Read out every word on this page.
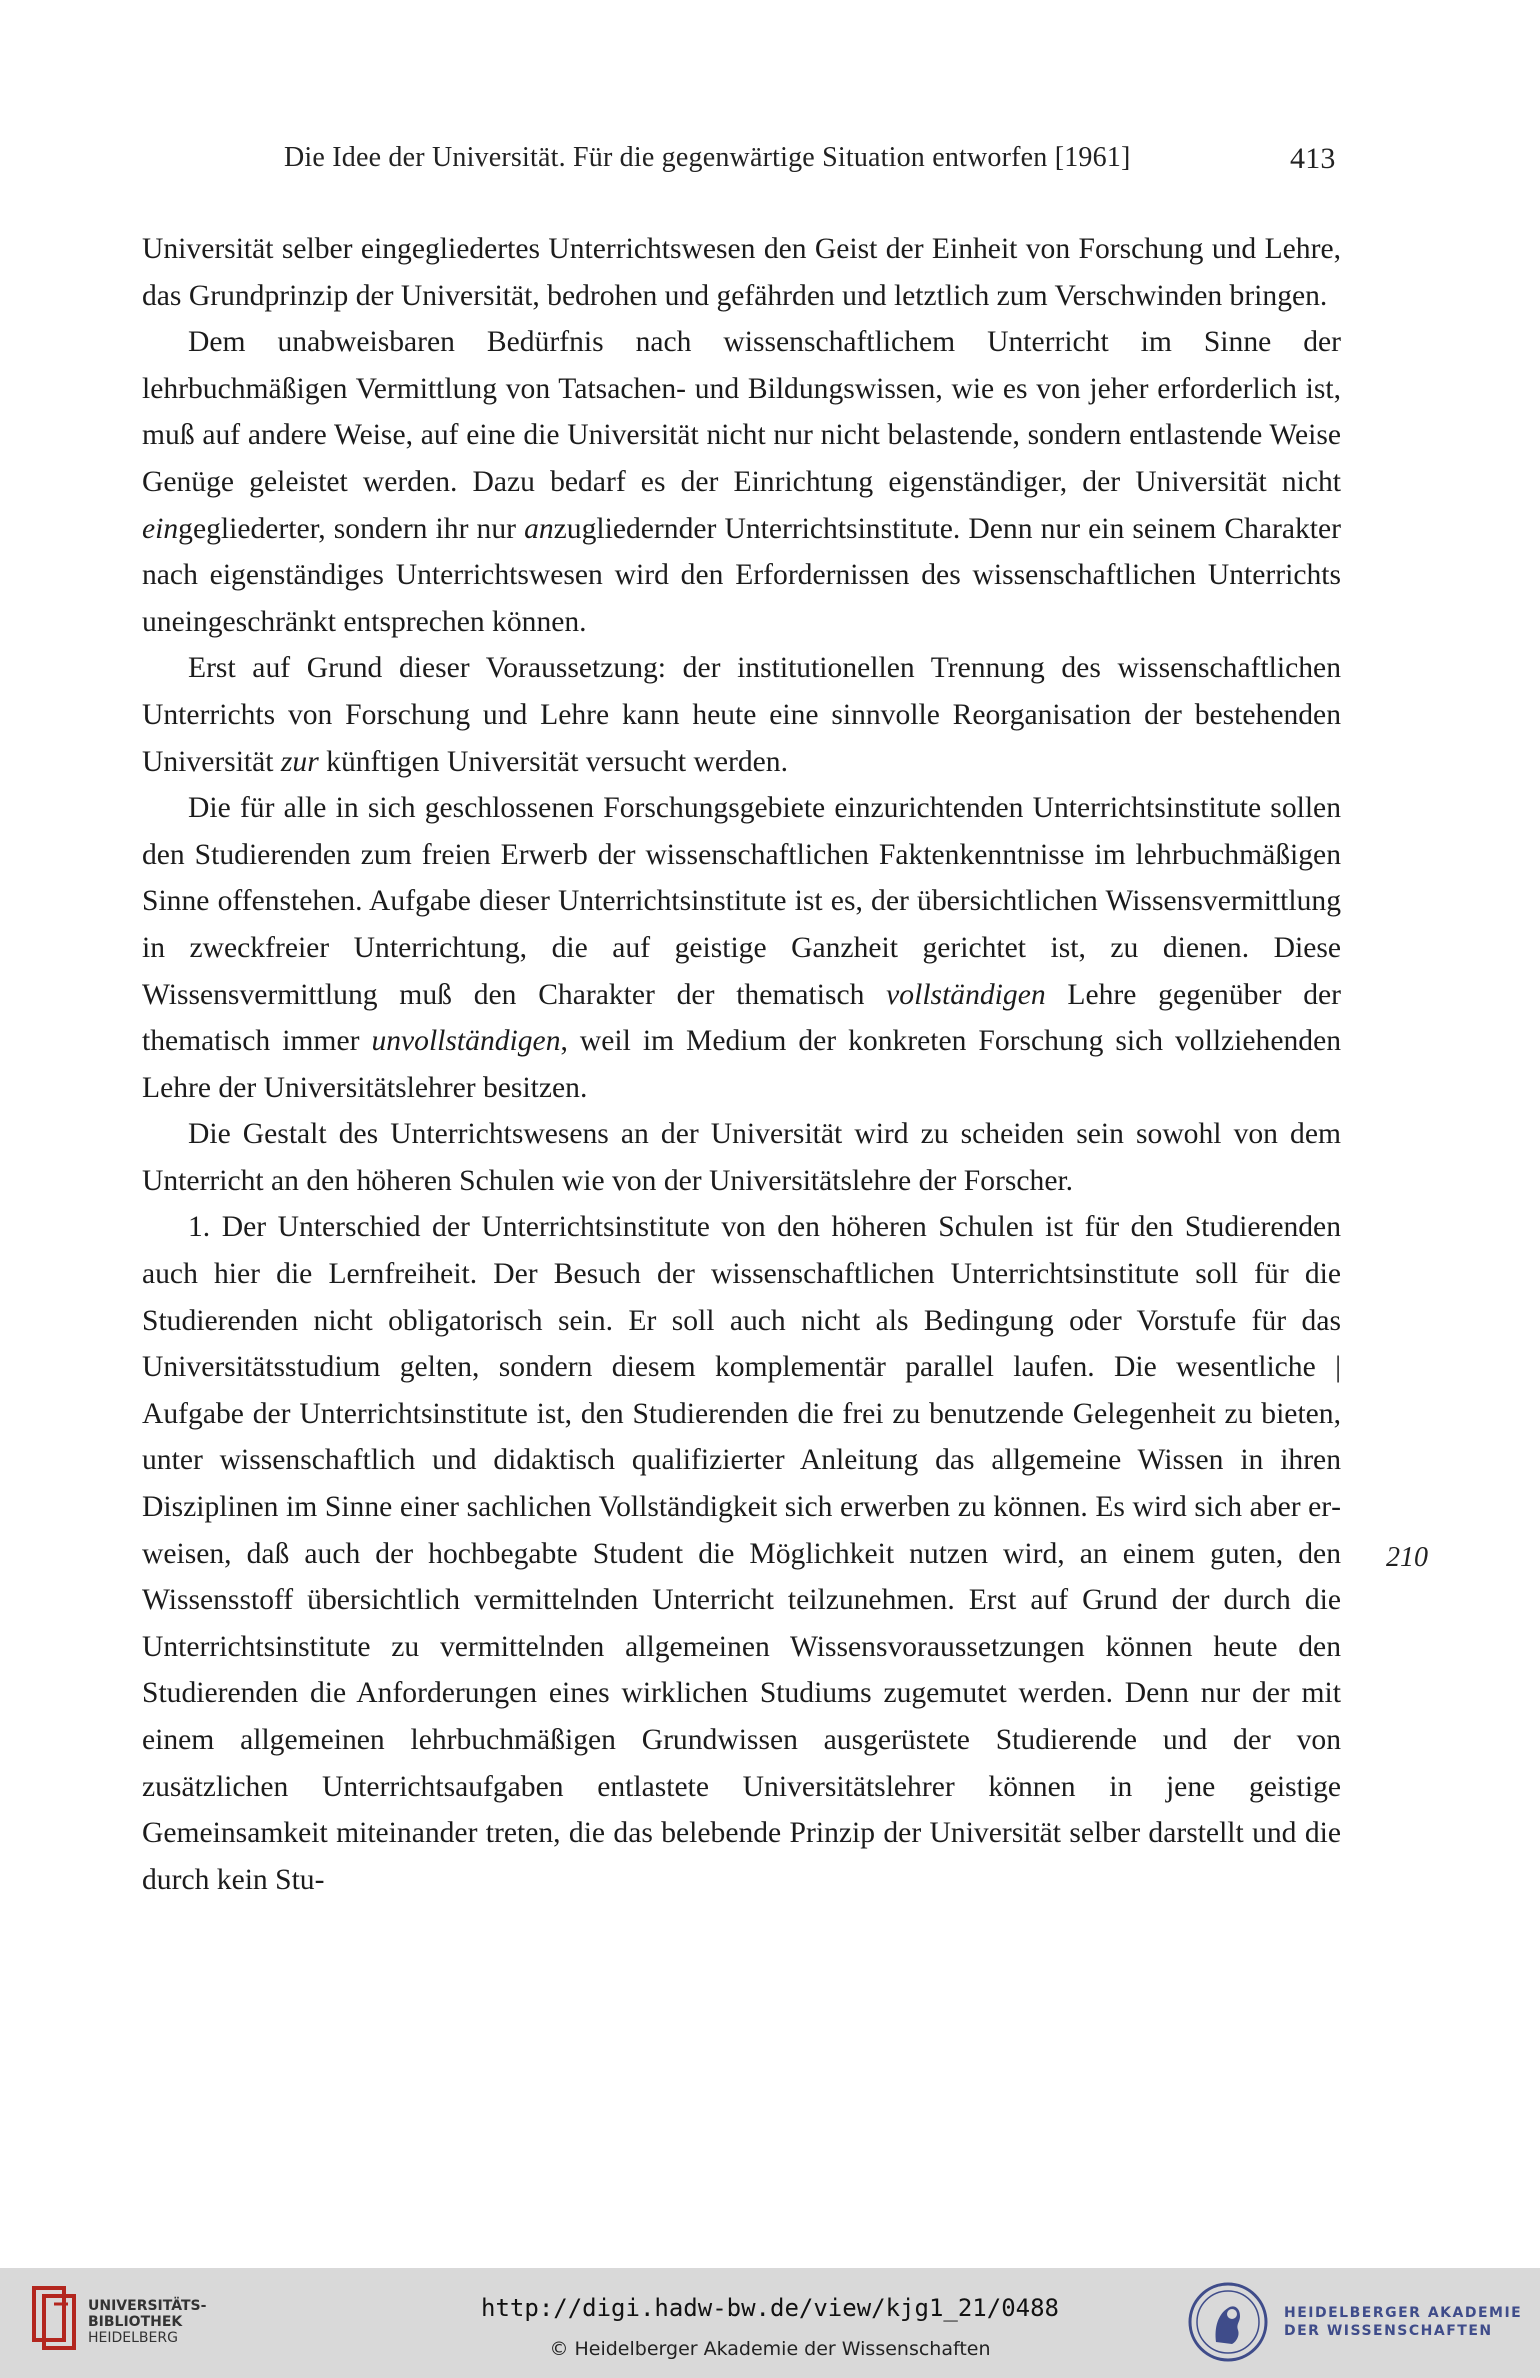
Die Idee der Universität. Für die gegenwärtige Situation entworfen [1961]	413

Universität selber eingegliedertes Unterrichtswesen den Geist der Einheit von Forschung und Lehre, das Grundprinzip der Universität, bedrohen und gefährden und letztlich zum Verschwinden bringen.

Dem unabweisbaren Bedürfnis nach wissenschaftlichem Unterricht im Sinne der lehrbuchmäßigen Vermittlung von Tatsachen- und Bildungswissen, wie es von jeher erforderlich ist, muß auf andere Weise, auf eine die Universität nicht nur nicht belastende, sondern entlastende Weise Genüge geleistet werden. Dazu bedarf es der Einrichtung eigenständiger, der Universität nicht eingegliederter, sondern ihr nur anzugliedernder Unterrichtsinstitute. Denn nur ein seinem Charakter nach eigenständiges Unterrichtswesen wird den Erfordernissen des wissenschaftlichen Unterrichts uneingeschränkt entsprechen können.

Erst auf Grund dieser Voraussetzung: der institutionellen Trennung des wissenschaftlichen Unterrichts von Forschung und Lehre kann heute eine sinnvolle Reorganisation der bestehenden Universität zur künftigen Universität versucht werden.

Die für alle in sich geschlossenen Forschungsgebiete einzurichtenden Unterrichtsinstitute sollen den Studierenden zum freien Erwerb der wissenschaftlichen Faktenkenntnisse im lehrbuchmäßigen Sinne offenstehen. Aufgabe dieser Unterrichtsinstitute ist es, der übersichtlichen Wissensvermittlung in zweckfreier Unterrichtung, die auf geistige Ganzheit gerichtet ist, zu dienen. Diese Wissensvermittlung muß den Charakter der thematisch vollständigen Lehre gegenüber der thematisch immer unvollständigen, weil im Medium der konkreten Forschung sich vollziehenden Lehre der Universitätslehrer besitzen.

Die Gestalt des Unterrichtswesens an der Universität wird zu scheiden sein sowohl von dem Unterricht an den höheren Schulen wie von der Universitätslehre der Forscher.

1. Der Unterschied der Unterrichtsinstitute von den höheren Schulen ist für den Studierenden auch hier die Lernfreiheit. Der Besuch der wissenschaftlichen Unterrichtsinstitute soll für die Studierenden nicht obligatorisch sein. Er soll auch nicht als Bedingung oder Vorstufe für das Universitätsstudium gelten, sondern diesem komplementär parallel laufen. Die wesentliche | Aufgabe der Unterrichtsinstitute ist, den Studierenden die frei zu benutzende Gelegenheit zu bieten, unter wissenschaftlich und didaktisch qualifizierter Anleitung das allgemeine Wissen in ihren Disziplinen im Sinne einer sachlichen Vollständigkeit sich erwerben zu können. Es wird sich aber erweisen, daß auch der hochbegabte Student die Möglichkeit nutzen wird, an einem guten, den Wissensstoff übersichtlich vermittelnden Unterricht teilzunehmen. Erst auf Grund der durch die Unterrichtsinstitute zu vermittelnden allgemeinen Wissensvoraussetzungen können heute den Studierenden die Anforderungen eines wirklichen Studiums zugemutet werden. Denn nur der mit einem allgemeinen lehrbuchmäßigen Grundwissen ausgerüstete Studierende und der von zusätzlichen Unterrichtsaufgaben entlastete Universitätslehrer können in jene geistige Gemeinsamkeit miteinander treten, die das belebende Prinzip der Universität selber darstellt und die durch kein Stu-

210
UNIVERSITÄTS-
BIBLIOTHEK
HEIDELBERG
http://digi.hadw-bw.de/view/kjg1_21/0488
© Heidelberger Akademie der Wissenschaften
HEIDELBERGER AKADEMIE
DER WISSENSCHAFTEN
